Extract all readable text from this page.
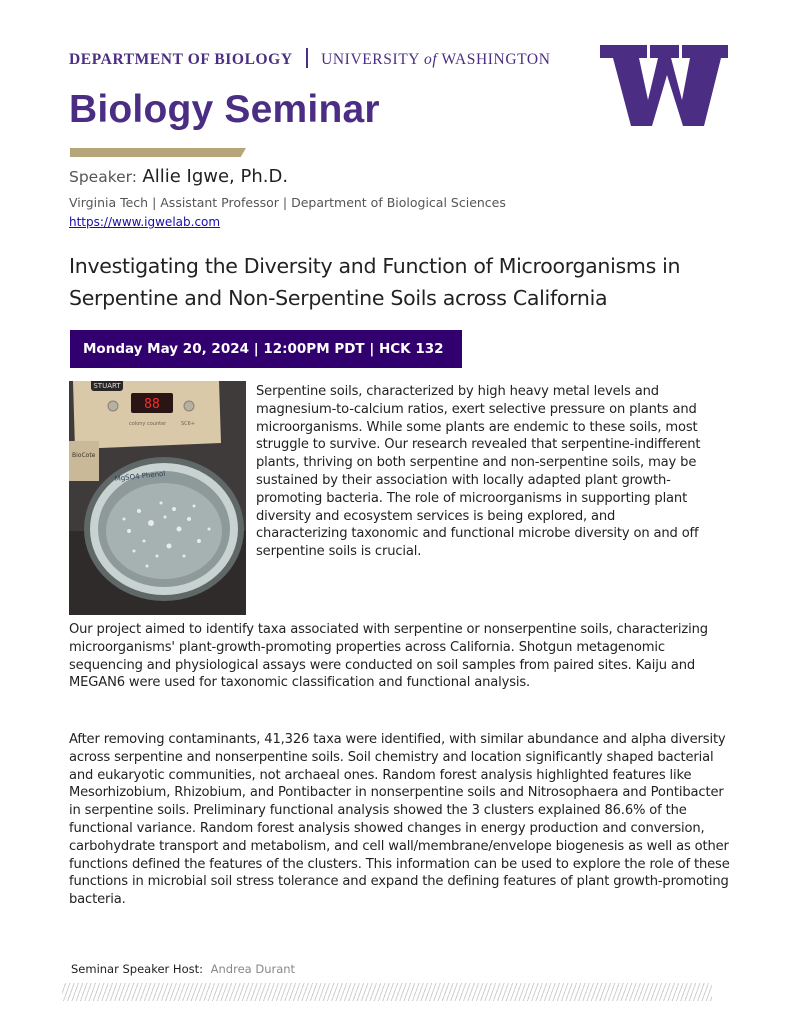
DEPARTMENT OF BIOLOGY UNIVERSITY of WASHINGTON
Biology Seminar
Speaker: Allie Igwe, Ph.D.
Virginia Tech | Assistant Professor | Department of Biological Sciences
https://www.igwelab.com
Investigating the Diversity and Function of Microorganisms in Serpentine and Non-Serpentine Soils across California
Monday May 20, 2024 | 12:00PM PDT | HCK 132
STUART
88
colony counter	SC6+
BioCote
MgSO4 Phenol

Serpentine soils, characterized by high heavy metal levels and magnesium-to-calcium ratios, exert selective pressure on plants and microorganisms. While some plants are endemic to these soils, most struggle to survive. Our research revealed that serpentine-indifferent plants, thriving on both serpentine and non-serpentine soils, may be sustained by their association with locally adapted plant growth-promoting bacteria. The role of microorganisms in supporting plant diversity and ecosystem services is being explored, and characterizing taxonomic and functional microbe diversity on and off serpentine soils is crucial.

Our project aimed to identify taxa associated with serpentine or nonserpentine soils, characterizing microorganisms' plant-growth-promoting properties across California. Shotgun metagenomic sequencing and physiological assays were conducted on soil samples from paired sites. Kaiju and MEGAN6 were used for taxonomic classification and functional analysis.

After removing contaminants, 41,326 taxa were identified, with similar abundance and alpha diversity across serpentine and nonserpentine soils. Soil chemistry and location significantly shaped bacterial and eukaryotic communities, not archaeal ones. Random forest analysis highlighted features like Mesorhizobium, Rhizobium, and Pontibacter in nonserpentine soils and Nitrosophaera and Pontibacter in serpentine soils. Preliminary functional analysis showed the 3 clusters explained 86.6% of the functional variance. Random forest analysis showed changes in energy production and conversion, carbohydrate transport and metabolism, and cell wall/membrane/envelope biogenesis as well as other functions defined the features of the clusters. This information can be used to explore the role of these functions in microbial soil stress tolerance and expand the defining features of plant growth-promoting bacteria.

Seminar Speaker Host: Andrea Durant
